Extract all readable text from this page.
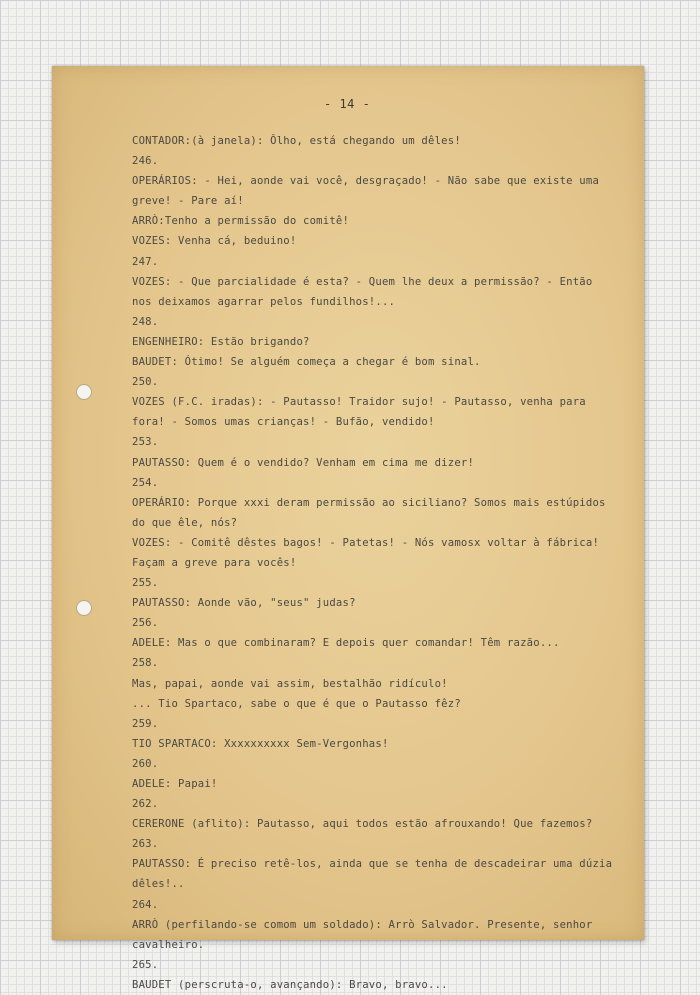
- 14 -
CONTADOR:(à janela): Ôlho, está chegando um dêles!
246.
OPERÁRIOS: - Hei, aonde vai você, desgraçado! - Não sabe que existe uma
greve! - Pare aí!
ARRÒ:Tenho a permissão do comitê!
VOZES: Venha cá, beduino!
247.
VOZES: - Que parcialidade é esta? - Quem lhe deux a permissão? - Então
nos deixamos agarrar pelos fundilhos!...
248.
ENGENHEIRO: Estão brigando?
BAUDET: Ótimo! Se alguém começa a chegar é bom sinal.
250.
VOZES (F.C. iradas): - Pautasso! Traidor sujo! - Pautasso, venha para
fora! - Somos umas crianças! - Bufão, vendido!
253.
PAUTASSO: Quem é o vendido? Venham em cima me dizer!
254.
OPERÁRIO: Porque xxxi deram permissão ao siciliano? Somos mais estúpidos
do que êle, nós?
VOZES: - Comitê dêstes bagos! - Patetas! - Nós vamosx voltar à fábrica!
Façam a greve para vocês!
255.
PAUTASSO: Aonde vão, "seus" judas?
256.
ADELE: Mas o que combinaram? E depois quer comandar! Têm razão...
258.
Mas, papai, aonde vai assim, bestalhão ridículo!
... Tio Spartaco, sabe o que é que o Pautasso fêz?
259.
TIO SPARTACO: Xxxxxxxxxx Sem-Vergonhas!
260.
ADELE: Papai!
262.
CERERONE (aflito): Pautasso, aqui todos estão afrouxando! Que fazemos?
263.
PAUTASSO: É preciso retê-los, ainda que se tenha de descadeirar uma dúzia
dêles!..
264.
ARRÒ (perfilando-se comom um soldado): Arrò Salvador. Presente, senhor
cavalheiro.
265.
BAUDET (perscruta-o, avançando): Bravo, bravo...
